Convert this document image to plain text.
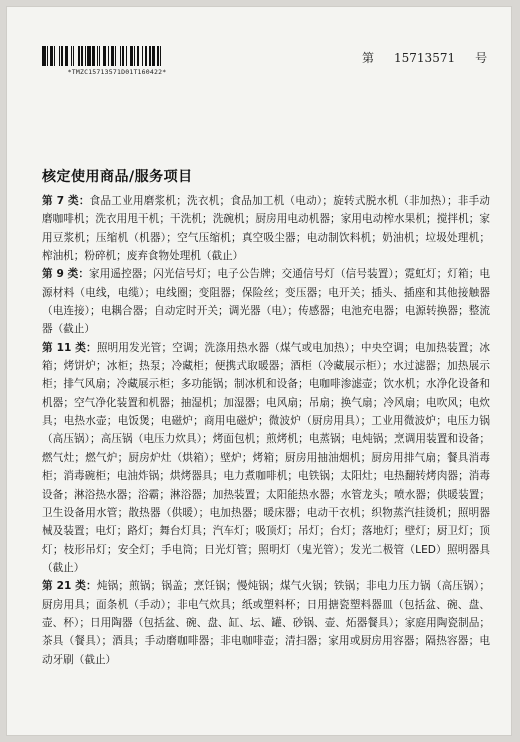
*TMZC15713571D01T160422*
第 15713571 号
核定使用商品/服务项目

第 7 类：食品工业用磨浆机；洗衣机；食品加工机（电动）；旋转式脱水机（非加热）；非手动磨咖啡机；洗衣用甩干机；干洗机；洗碗机；厨房用电动机器；家用电动榨水果机；搅拌机；家用豆浆机；压缩机（机器）；空气压缩机；真空吸尘器；电动制饮料机；奶油机；垃圾处理机；榨油机；粉碎机；废弃食物处理机（截止）

第 9 类：家用遥控器；闪光信号灯；电子公告牌；交通信号灯（信号装置）；霓虹灯；灯箱；电源材料（电线，电缆）；电线圈；变阻器；保险丝；变压器；电开关；插头、插座和其他接触器（电连接）；电耦合器；自动定时开关；调光器（电）；传感器；电池充电器；电源转换器；整流器（截止）

第 11 类：照明用发光管；空调；洗涤用热水器（煤气或电加热）；中央空调；电加热装置；冰箱；烤饼炉；冰柜；热泵；冷藏柜；便携式取暖器；酒柜（冷藏展示柜）；水过滤器；加热展示柜；排气风扇；冷藏展示柜；多功能锅；制冰机和设备；电咖啡渗滤壶；饮水机；水净化设备和机器；空气净化装置和机器；抽湿机；加湿器；电风扇；吊扇；换气扇；冷风扇；电吹风；电炊具；电热水壶；电饭煲；电磁炉；商用电磁炉；微波炉（厨房用具）；工业用微波炉；电压力锅（高压锅）；高压锅（电压力炊具）；烤面包机；煎烤机；电蒸锅；电炖锅；烹调用装置和设备；燃气灶；燃气炉；厨房炉灶（烘箱）；壁炉；烤箱；厨房用抽油烟机；厨房用排气扇；餐具消毒柜；消毒碗柜；电油炸锅；烘烤器具；电力煮咖啡机；电铁锅；太阳灶；电热翻转烤肉器；消毒设备；淋浴热水器；浴霸；淋浴器；加热装置；太阳能热水器；水管龙头；喷水器；供暖装置；卫生设备用水管；散热器（供暖）；电加热器；暖床器；电动干衣机；织物蒸汽挂烫机；照明器械及装置；电灯；路灯；舞台灯具；汽车灯；吸顶灯；吊灯；台灯；落地灯；壁灯；厨卫灯；顶灯；枝形吊灯；安全灯；手电筒；日光灯管；照明灯（鬼光管）；发光二极管（LED）照明器具（截止）

第 21 类：炖锅；煎锅；锅盖；烹饪锅；慢炖锅；煤气火锅；铁锅；非电力压力锅（高压锅）；厨房用具；面条机（手动）；非电气炊具；纸或塑料杯；日用搪瓷塑料器皿（包括盆、碗、盘、壶、杯）；日用陶器（包括盆、碗、盘、缸、坛、罐、砂锅、壶、炻器餐具）；家庭用陶瓷制品；茶具（餐具）；酒具；手动磨咖啡器；非电咖啡壶；清扫器；家用或厨房用容器；隔热容器；电动牙刷（截止）
